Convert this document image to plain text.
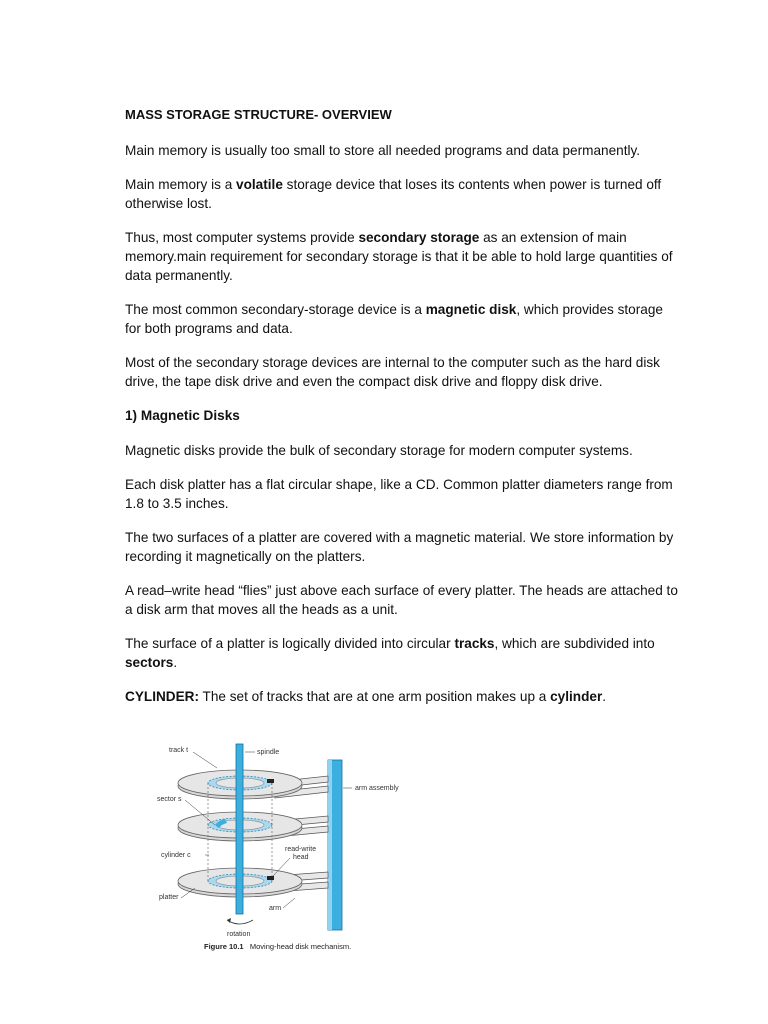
MASS STORAGE STRUCTURE- OVERVIEW

Main memory is usually too small to store all needed programs and data permanently.

Main memory is a volatile storage device that loses its contents when power is turned off otherwise lost.

Thus, most computer systems provide secondary storage as an extension of main memory.main requirement for secondary storage is that it be able to hold large quantities of data permanently.

The most common secondary-storage device is a magnetic disk, which provides storage for both programs and data.

Most of the secondary storage devices are internal to the computer such as the hard disk drive, the tape disk drive and even the compact disk drive and floppy disk drive.

1) Magnetic Disks

Magnetic disks provide the bulk of secondary storage for modern computer systems.

Each disk platter has a flat circular shape, like a CD. Common platter diameters range from 1.8 to 3.5 inches.

The two surfaces of a platter are covered with a magnetic material. We store information by recording it magnetically on the platters.

A read–write head “flies” just above each surface of every platter. The heads are attached to a disk arm that moves all the heads as a unit.

The surface of a platter is logically divided into circular tracks, which are subdivided into sectors.

CYLINDER: The set of tracks that are at one arm position makes up a cylinder.

track t	spindle
sector s
arm assembly
cylinder c
read-write
head
platter
arm
rotation
Figure 10.1 Moving-head disk mechanism.
